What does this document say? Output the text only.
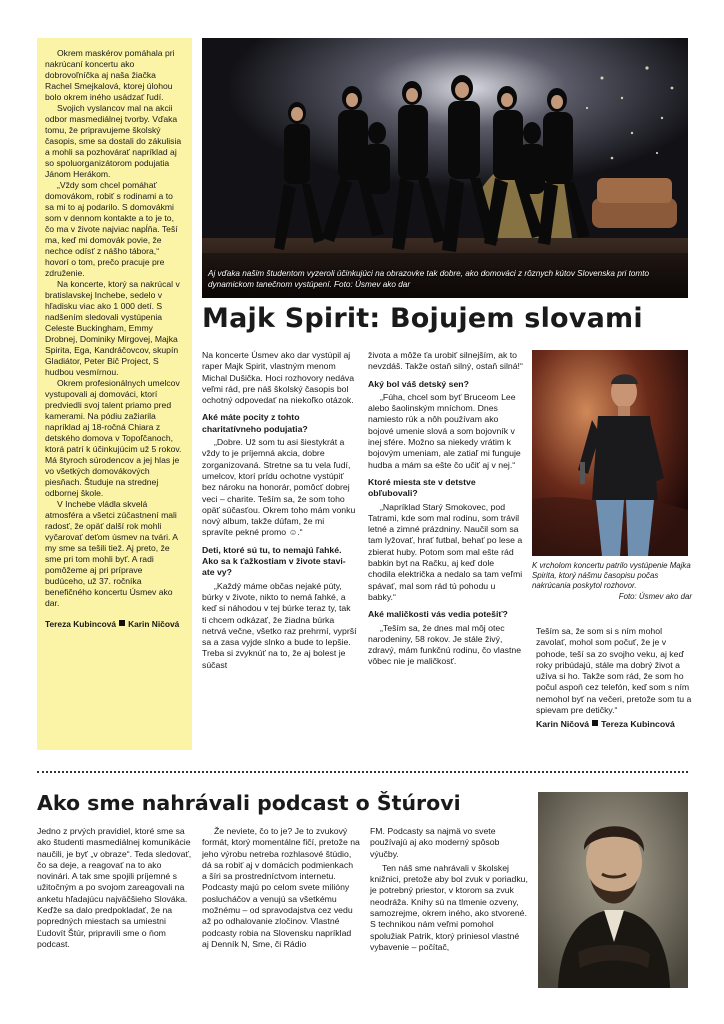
Okrem maskérov pomáhala pri nakrúcaní koncertu ako dobrovoľníčka aj naša žiačka Rachel Smejkalová, ktorej úlohou bolo okrem iného usádzať ľudí.

Svojich vyslancov mal na akcii odbor masmediálnej tvorby. Vďaka tomu, že pripravujeme školský časopis, sme sa dostali do zákulisia a mohli sa pozhovárať napríklad aj so spoluorganizátorom podujatia Jánom Herákom.

„Vždy som chcel pomáhať domovákom, robiť s rodinami a to sa mi to aj podarilo. S domovákmi som v dennom kontakte a to je to, čo ma v živote najviac napĺňa. Teší ma, keď mi domovák povie, že nechce odísť z nášho tábora,“ hovorí o tom, prečo pracuje pre združenie.

Na koncerte, ktorý sa nakrúcal v bratislavskej Inchebe, sedelo v hľadisku viac ako 1 000 detí. S nadšením sledovali vystúpenia Celeste Buckingham, Emmy Drobnej, Dominiky Mirgovej, Majka Spirita, Ega, Kandráčovcov, skupín Gladiátor, Peter Bič Project, S hudbou vesmírnou.

Okrem profesionálnych umelcov vystupovali aj domováci, ktorí predviedli svoj talent priamo pred kamerami. Na pódiu zažiarila napríklad aj 18-ročná Chiara z detského domova v Topoľčanoch, ktorá patrí k účinkujúcim už 5 rokov. Má štyroch súrodencov a jej hlas je vo všetkých domovákových piesňach. Študuje na strednej odbornej škole.

V Inchebe vládla skvelá atmosféra a všetci zúčastnení mali radosť, že opäť další rok mohli vyčarovať deťom úsmev na tvári. A my sme sa tešili tiež. Aj preto, že sme pri tom mohli byť. A radi pomôžeme aj pri príprave budúceho, už 37. ročníka benefičného koncertu Úsmev ako dar.

Tereza Kubincová Karin Ničová

Aj vďaka našim študentom vyzeroli účinkujúci na obrazovke tak dobre, ako domováci z rôznych kútov Slovenska pri tomto dynamickom tanečnom vystúpení. Foto: Úsmev ako dar
Majk Spirit: Bojujem slovami

Na koncerte Úsmev ako dar vystúpil aj raper Majk Spirit, vlastným menom Michal Dušička. Hoci rozhovory nedáva veľmi rád, pre náš školský časopis bol ochotný odpovedať na niekoľko otázok.

Aké máte pocity z tohto charitatívneho podujatia?

„Dobre. Už som tu asi šiestykrát a vždy to je príjemná akcia, dobre zorganizovaná. Stretne sa tu vela ľudí, umelcov, ktorí prídu ochotne vystúpiť bez nároku na honorár, pomôcť dobrej veci – charite. Teším sa, že som toho opäť súčasťou. Okrem toho mám vonku nový album, takže dúfam, že mi spravíte pekné promo ☺.“

Deti, ktoré sú tu, to nemajú ľahké. Ako sa k ťažkostiam v živote stavi-ate vy?

„Každý máme občas nejaké púty, búrky v živote, nikto to nemá ľahké, a keď si náhodou v tej búrke teraz ty, tak ti chcem odkázať, že žiadna búrka netrvá večne, všetko raz prehrmí, vyprší sa a zasa vyjde slnko a bude to lepšie. Treba si zvyknúť na to, že aj bolest je súčast

života a môže ťa urobiť silnejším, ak to nevzdáš. Takže ostaň silný, ostaň silná!“

Aký bol váš detský sen?

„Fúha, chcel som byť Bruceom Lee alebo šaolinským mníchom. Dnes namiesto rúk a nôh používam ako bojové umenie slová a som bojovník v inej sfére. Možno sa niekedy vrátim k bojovým umeniam, ale zatiaľ mi funguje hudba a mám sa ešte čo učiť aj v nej.“

Ktoré miesta ste v detstve obľubovali?

„Napríklad Starý Smokovec, pod Tatrami, kde som mal rodinu, som trávil letné a zimné prázdniny. Naučil som sa tam lyžovať, hrať futbal, behať po lese a zbierat huby. Potom som mal ešte rád babkin byt na Račku, aj keď dole chodila električka a nedalo sa tam veľmi spávať, mal som rád tú pohodu u babky.“

Aké maličkosti vás vedia potešiť?

„Teším sa, že dnes mal môj otec narodeniny, 58 rokov. Je stále živý, zdravý, mám funkčnú rodinu, čo vlastne vôbec nie je maličkosť.

K vrcholom koncertu patrilo vystúpenie Majka Spirita, ktorý nášmu časopisu počas nakrúcania poskytol rozhovor.
Foto: Úsmev ako dar

Teším sa, že som si s ním mohol zavolať, mohol som počuť, že je v pohode, teší sa zo svojho veku, aj keď roky pribúdajú, stále ma dobrý život a užíva si ho. Takže som rád, že som ho počul aspoň cez telefón, keď som s ním nemohol byť na večeri, pretože som tu a spievam pre detičky.“

Karin Ničová Tereza Kubincová

Ako sme nahrávali podcast o Štúrovi

Jedno z prvých pravidiel, ktoré sme sa ako študenti masmediálnej komunikácie naučili, je byť „v obraze“. Teda sledovať, čo sa deje, a reagovať na to ako novinári. A tak sme spojili príjemné s užitočným a po svojom zareagovali na anketu hľadajúcu najväčšieho Slováka. Keďže sa dalo predpokladať, že na popredných miestach sa umiestni Ľudovít Štúr, pripravili sme o ňom podcast.

Že neviete, čo to je? Je to zvukový formát, ktorý momentálne fičí, pretože na jeho výrobu netreba rozhlasové štúdio, dá sa robiť aj v domácich podmienkach a šíri sa prostredníctvom internetu. Podcasty majú po celom svete milióny poslucháčov a venujú sa všetkému možnému – od spravodajstva cez vedu až po odhalovanie zločinov. Vlastné podcasty robia na Slovensku napríklad aj Denník N, Sme, či Rádio

FM. Podcasty sa najmä vo svete používajú aj ako moderný spôsob výučby.

Ten náš sme nahrávali v školskej knižnici, pretože aby bol zvuk v poriadku, je potrebný priestor, v ktorom sa zvuk neodráža. Knihy sú na tlmenie ozveny, samozrejme, okrem iného, ako stvorené. S technikou nám veľmi pomohol spolužiak Patrik, ktorý priniesol vlastné vybavenie – počítač,
